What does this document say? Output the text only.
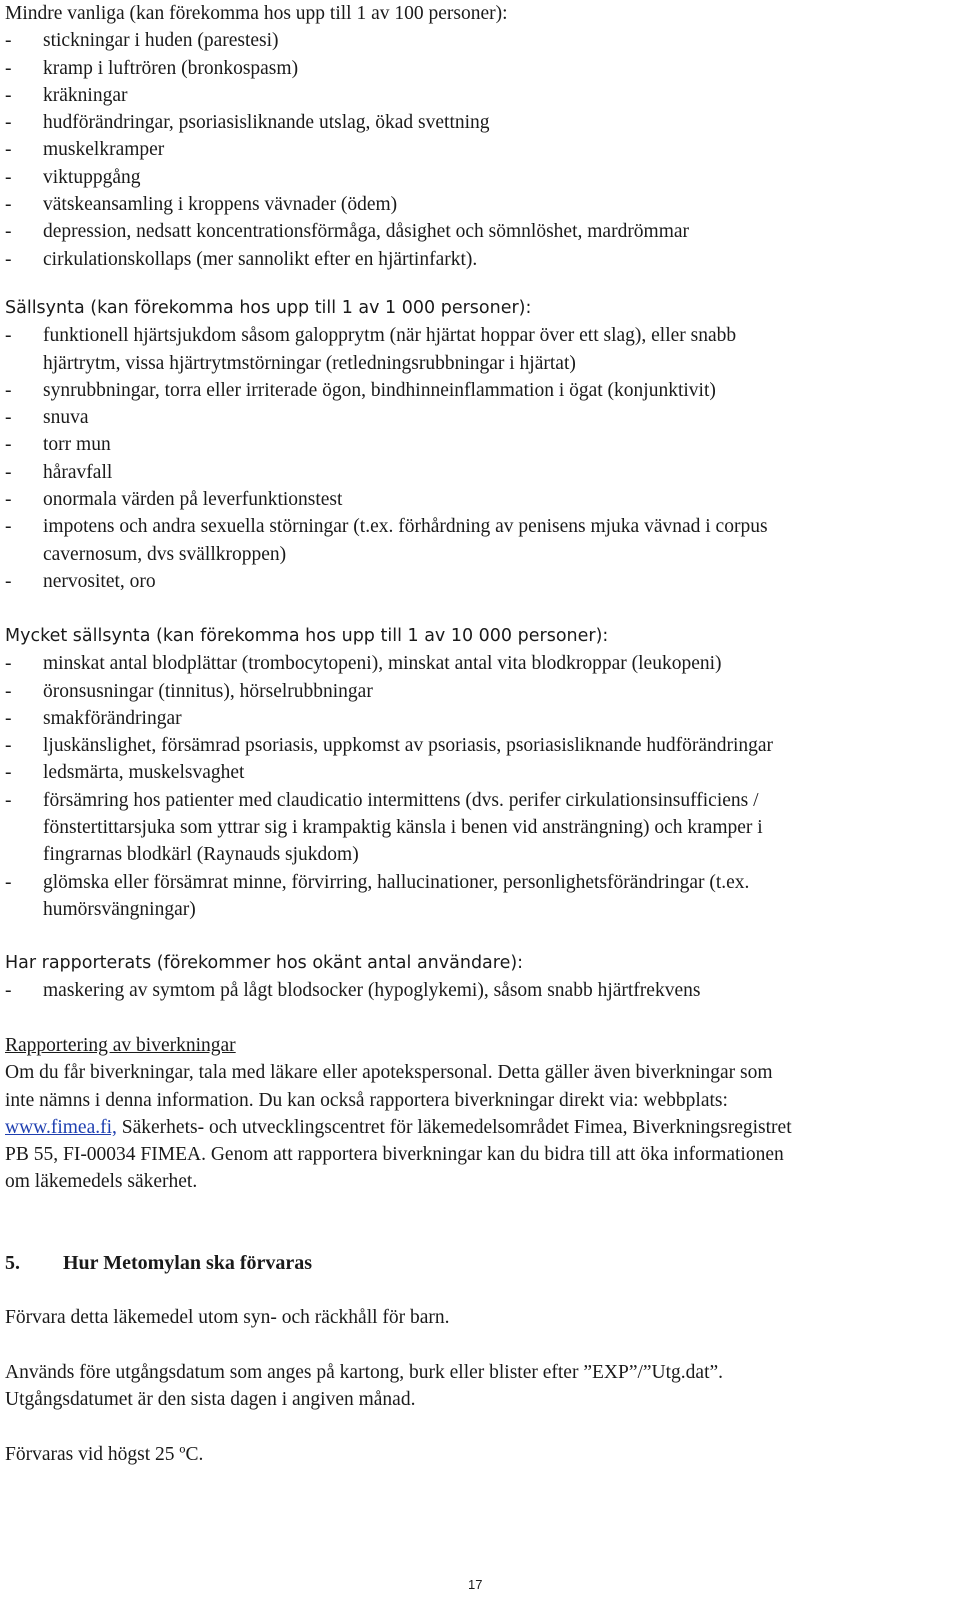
Mindre vanliga (kan förekomma hos upp till 1 av 100 personer):
-	stickningar i huden (parestesi)
-	kramp i luftrören (bronkospasm)
-	kräkningar
-	hudförändringar, psoriasisliknande utslag, ökad svettning
-	muskelkramper
-	viktuppgång
-	vätskeansamling i kroppens vävnader (ödem)
-	depression, nedsatt koncentrationsförmåga, dåsighet och sömnlöshet, mardrömmar
-	cirkulationskollaps (mer sannolikt efter en hjärtinfarkt).
Sällsynta (kan förekomma hos upp till 1 av 1 000 personer):
-	funktionell hjärtsjukdom såsom galopprytm (när hjärtat hoppar över ett slag), eller snabb
hjärtrytm, vissa hjärtrytmstörningar (retledningsrubbningar i hjärtat)
-	synrubbningar, torra eller irriterade ögon, bindhinneinflammation i ögat (konjunktivit)
-	snuva
-	torr mun
-	håravfall
-	onormala värden på leverfunktionstest
-	impotens och andra sexuella störningar (t.ex. förhårdning av penisens mjuka vävnad i corpus
cavernosum, dvs svällkroppen)
-	nervositet, oro
Mycket sällsynta (kan förekomma hos upp till 1 av 10 000 personer):
-	minskat antal blodplättar (trombocytopeni), minskat antal vita blodkroppar (leukopeni)
-	öronsusningar (tinnitus), hörselrubbningar
-	smakförändringar
-	ljuskänslighet, försämrad psoriasis, uppkomst av psoriasis, psoriasisliknande hudförändringar
-	ledsmärta, muskelsvaghet
-	försämring hos patienter med claudicatio intermittens (dvs. perifer cirkulationsinsufficiens /
fönstertittarsjuka som yttrar sig i krampaktig känsla i benen vid ansträngning) och kramper i
fingrarnas blodkärl (Raynauds sjukdom)
-	glömska eller försämrat minne, förvirring, hallucinationer, personlighetsförändringar (t.ex.
humörsvängningar)
Har rapporterats (förekommer hos okänt antal användare):
-	maskering av symtom på lågt blodsocker (hypoglykemi), såsom snabb hjärtfrekvens
Rapportering av biverkningar
Om du får biverkningar, tala med läkare eller apotekspersonal. Detta gäller även biverkningar som
inte nämns i denna information. Du kan också rapportera biverkningar direkt via: webbplats:
www.fimea.fi, Säkerhets- och utvecklingscentret för läkemedelsområdet Fimea, Biverkningsregistret
PB 55, FI-00034 FIMEA. Genom att rapportera biverkningar kan du bidra till att öka informationen
om läkemedels säkerhet.
5. Hur Metomylan ska förvaras
Förvara detta läkemedel utom syn- och räckhåll för barn.
Används före utgångsdatum som anges på kartong, burk eller blister efter ”EXP”/”Utg.dat”.
Utgångsdatumet är den sista dagen i angiven månad.
Förvaras vid högst 25 ºC.
17
